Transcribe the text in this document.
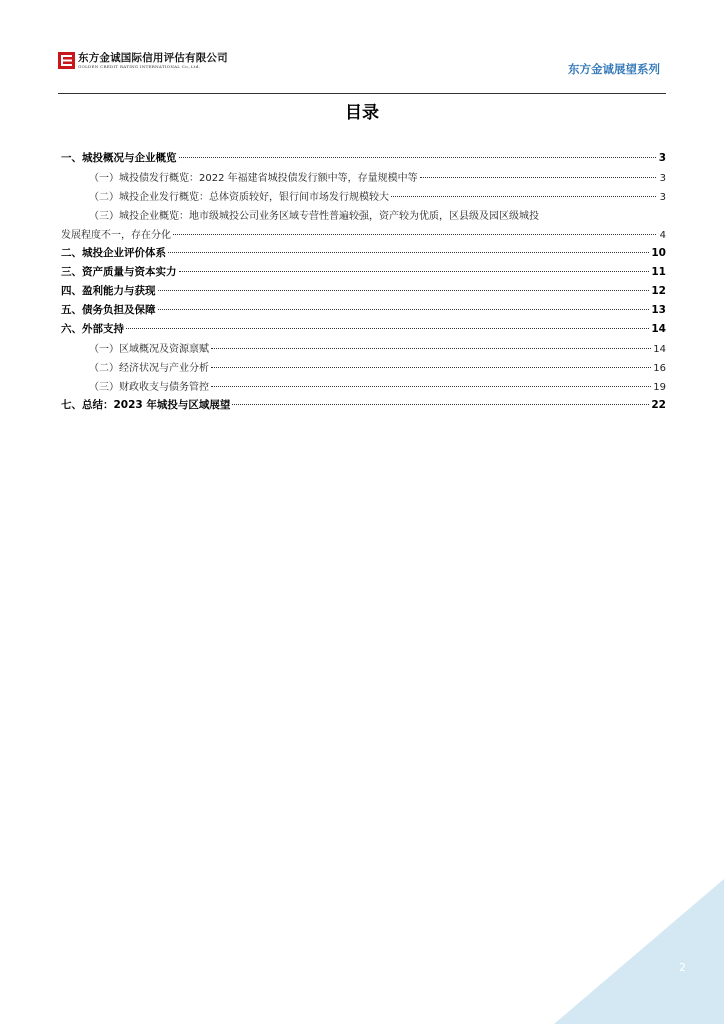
东方金诚国际信用评估有限公司
GOLDEN CREDIT RATING INTERNATIONAL Co.,Ltd.	东方金诚展望系列
目录
一、城投概况与企业概览	3
（一）城投债发行概览：2022 年福建省城投债发行额中等，存量规模中等	3
（二）城投企业发行概览：总体资质较好，银行间市场发行规模较大	3
（三）城投企业概览：地市级城投公司业务区域专营性普遍较强，资产较为优质，区县级及园区级城投
发展程度不一，存在分化	4
二、城投企业评价体系	10
三、资产质量与资本实力	11
四、盈利能力与获现	12
五、债务负担及保障	13
六、外部支持	14
（一）区域概况及资源禀赋	14
（二）经济状况与产业分析	16
（三）财政收支与债务管控	19
七、总结：2023 年城投与区域展望	22
2
